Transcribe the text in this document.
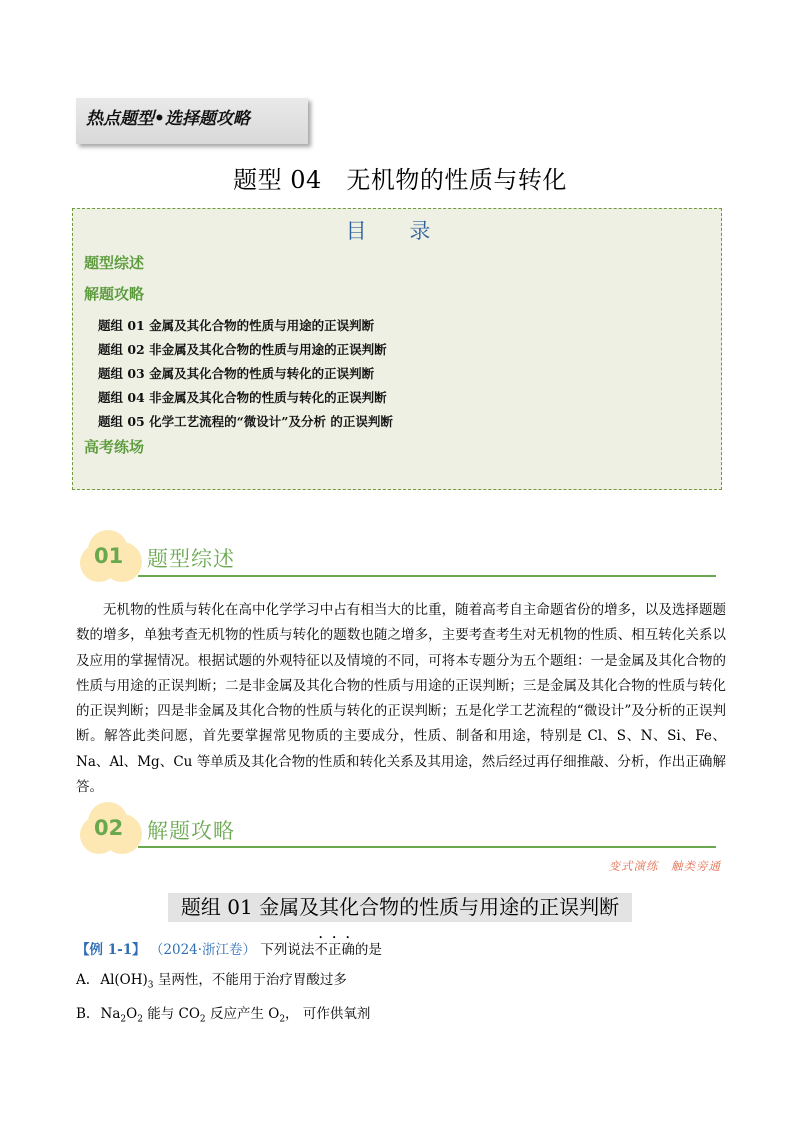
热点题型•选择题攻略
题型 04　无机物的性质与转化
目 录
题型综述
解题攻略
题组 01 金属及其化合物的性质与用途的正误判断
题组 02 非金属及其化合物的性质与用途的正误判断
题组 03 金属及其化合物的性质与转化的正误判断
题组 04 非金属及其化合物的性质与转化的正误判断
题组 05 化学工艺流程的“微设计”及分析 的正误判断
高考练场
01 题型综述

无机物的性质与转化在高中化学学习中占有相当大的比重，随着高考自主命题省份的增多，以及选择题题数的增多，单独考查无机物的性质与转化的题数也随之增多，主要考查考生对无机物的性质、相互转化关系以及应用的掌握情况。根据试题的外观特征以及情境的不同，可将本专题分为五个题组：一是金属及其化合物的性质与用途的正误判断；二是非金属及其化合物的性质与用途的正误判断；三是金属及其化合物的性质与转化的正误判断；四是非金属及其化合物的性质与转化的正误判断；五是化学工艺流程的“微设计”及分析的正误判断。解答此类问愿，首先要掌握常见物质的主要成分，性质、制备和用途，特别是 Cl、S、N、Si、Fe、Na、Al、Mg、Cu 等单质及其化合物的性质和转化关系及其用途，然后经过再仔细推敲、分析，作出正确解答。

02 解题攻略
变式演练　触类旁通
题组 01 金属及其化合物的性质与用途的正误判断
【例 1-1】 （2024·浙江卷） 下列说法不正确的是
A. $Al(OH)_3$ 呈两性，不能用于治疗胃酸过多
B. $Na_2O_2$ 能与 $CO_2$ 反应产生 $O_2$， 可作供氧剂
